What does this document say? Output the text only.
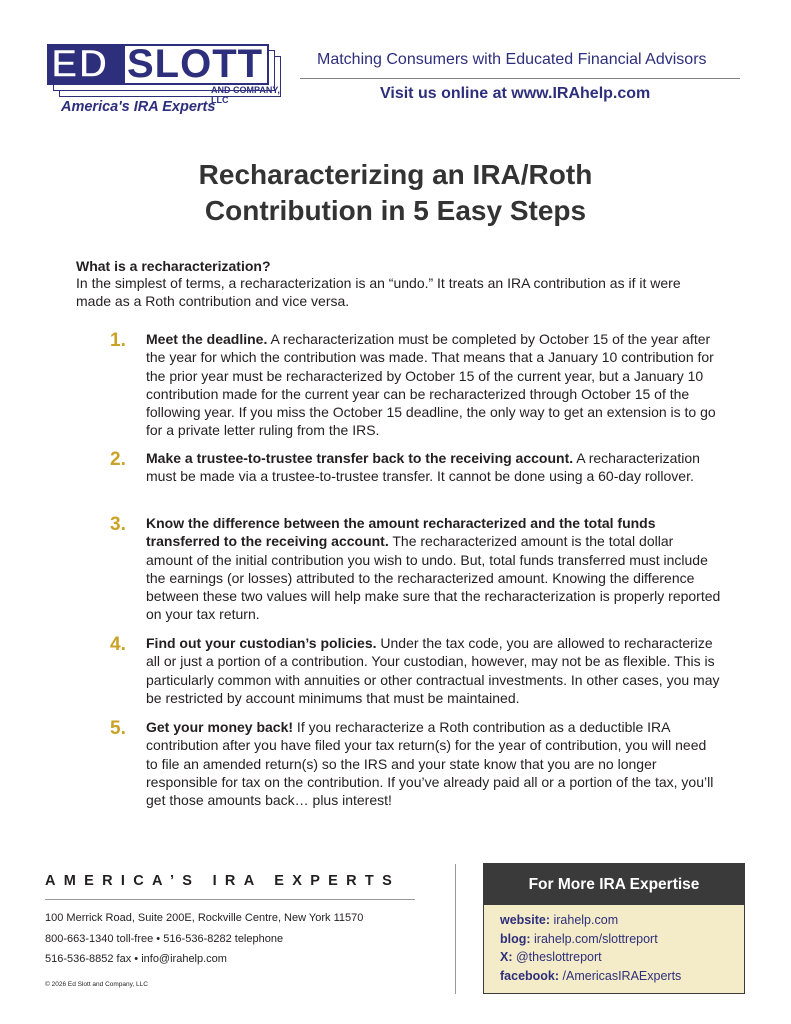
ED SLOTT
AND COMPANY, LLC
America's IRA Experts
Matching Consumers with Educated Financial Advisors
Visit us online at www.IRAhelp.com
Recharacterizing an IRA/Roth
Contribution in 5 Easy Steps
What is a recharacterization?

In the simplest of terms, a recharacterization is an “undo.” It treats an IRA contribution as if it were made as a Roth contribution and vice versa.

1. Meet the deadline. A recharacterization must be completed by October 15 of the year after the year for which the contribution was made. That means that a January 10 contribution for the prior year must be recharacterized by October 15 of the current year, but a January 10 contribution made for the current year can be recharacterized through October 15 of the following year. If you miss the October 15 deadline, the only way to get an extension is to go for a private letter ruling from the IRS.

2. Make a trustee-to-trustee transfer back to the receiving account. A recharacterization must be made via a trustee-to-trustee transfer. It cannot be done using a 60-day rollover.

3. Know the difference between the amount recharacterized and the total funds transferred to the receiving account. The recharacterized amount is the total dollar amount of the initial contribution you wish to undo. But, total funds transferred must include the earnings (or losses) attributed to the recharacterized amount. Knowing the difference between these two values will help make sure that the recharacterization is properly reported on your tax return.

4. Find out your custodian’s policies. Under the tax code, you are allowed to recharacterize all or just a portion of a contribution. Your custodian, however, may not be as flexible. This is particularly common with annuities or other contractual investments. In other cases, you may be restricted by account minimums that must be maintained.

5. Get your money back! If you recharacterize a Roth contribution as a deductible IRA contribution after you have filed your tax return(s) for the year of contribution, you will need to file an amended return(s) so the IRS and your state know that you are no longer responsible for tax on the contribution. If you’ve already paid all or a portion of the tax, you’ll get those amounts back… plus interest!

AMERICA’S IRA EXPERTS
100 Merrick Road, Suite 200E, Rockville Centre, New York 11570
800-663-1340 toll-free • 516-536-8282 telephone
516-536-8852 fax • info@irahelp.com
© 2026 Ed Slott and Company, LLC
For More IRA Expertise
website: irahelp.com
blog: irahelp.com/slottreport
X: @theslottreport
facebook: /AmericasIRAExperts
